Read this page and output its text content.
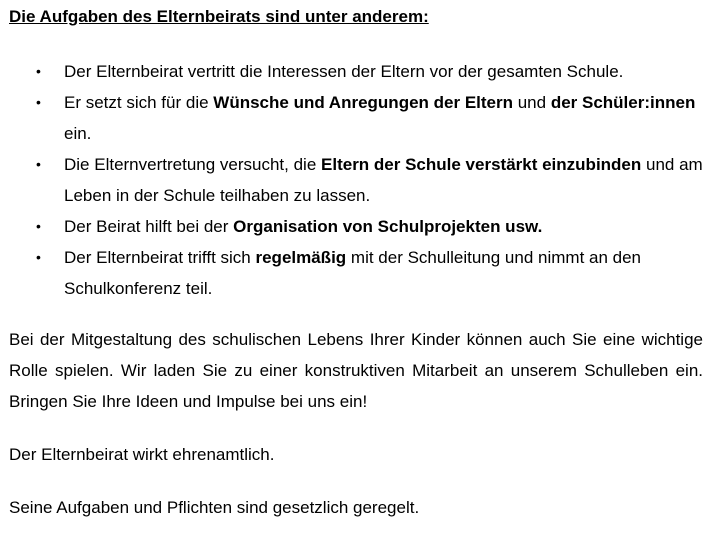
Die Aufgaben des Elternbeirats sind unter anderem:
• Der Elternbeirat vertritt die Interessen der Eltern vor der gesamten Schule.
• Er setzt sich für die Wünsche und Anregungen der Eltern und der Schüler:innen ein.
• Die Elternvertretung versucht, die Eltern der Schule verstärkt einzubinden und am Leben in der Schule teilhaben zu lassen.
• Der Beirat hilft bei der Organisation von Schulprojekten usw.
• Der Elternbeirat trifft sich regelmäßig mit der Schulleitung und nimmt an den Schulkonferenz teil.

Bei der Mitgestaltung des schulischen Lebens Ihrer Kinder können auch Sie eine wichtige Rolle spielen. Wir laden Sie zu einer konstruktiven Mitarbeit an unserem Schulleben ein. Bringen Sie Ihre Ideen und Impulse bei uns ein!

Der Elternbeirat wirkt ehrenamtlich.

Seine Aufgaben und Pflichten sind gesetzlich geregelt.
